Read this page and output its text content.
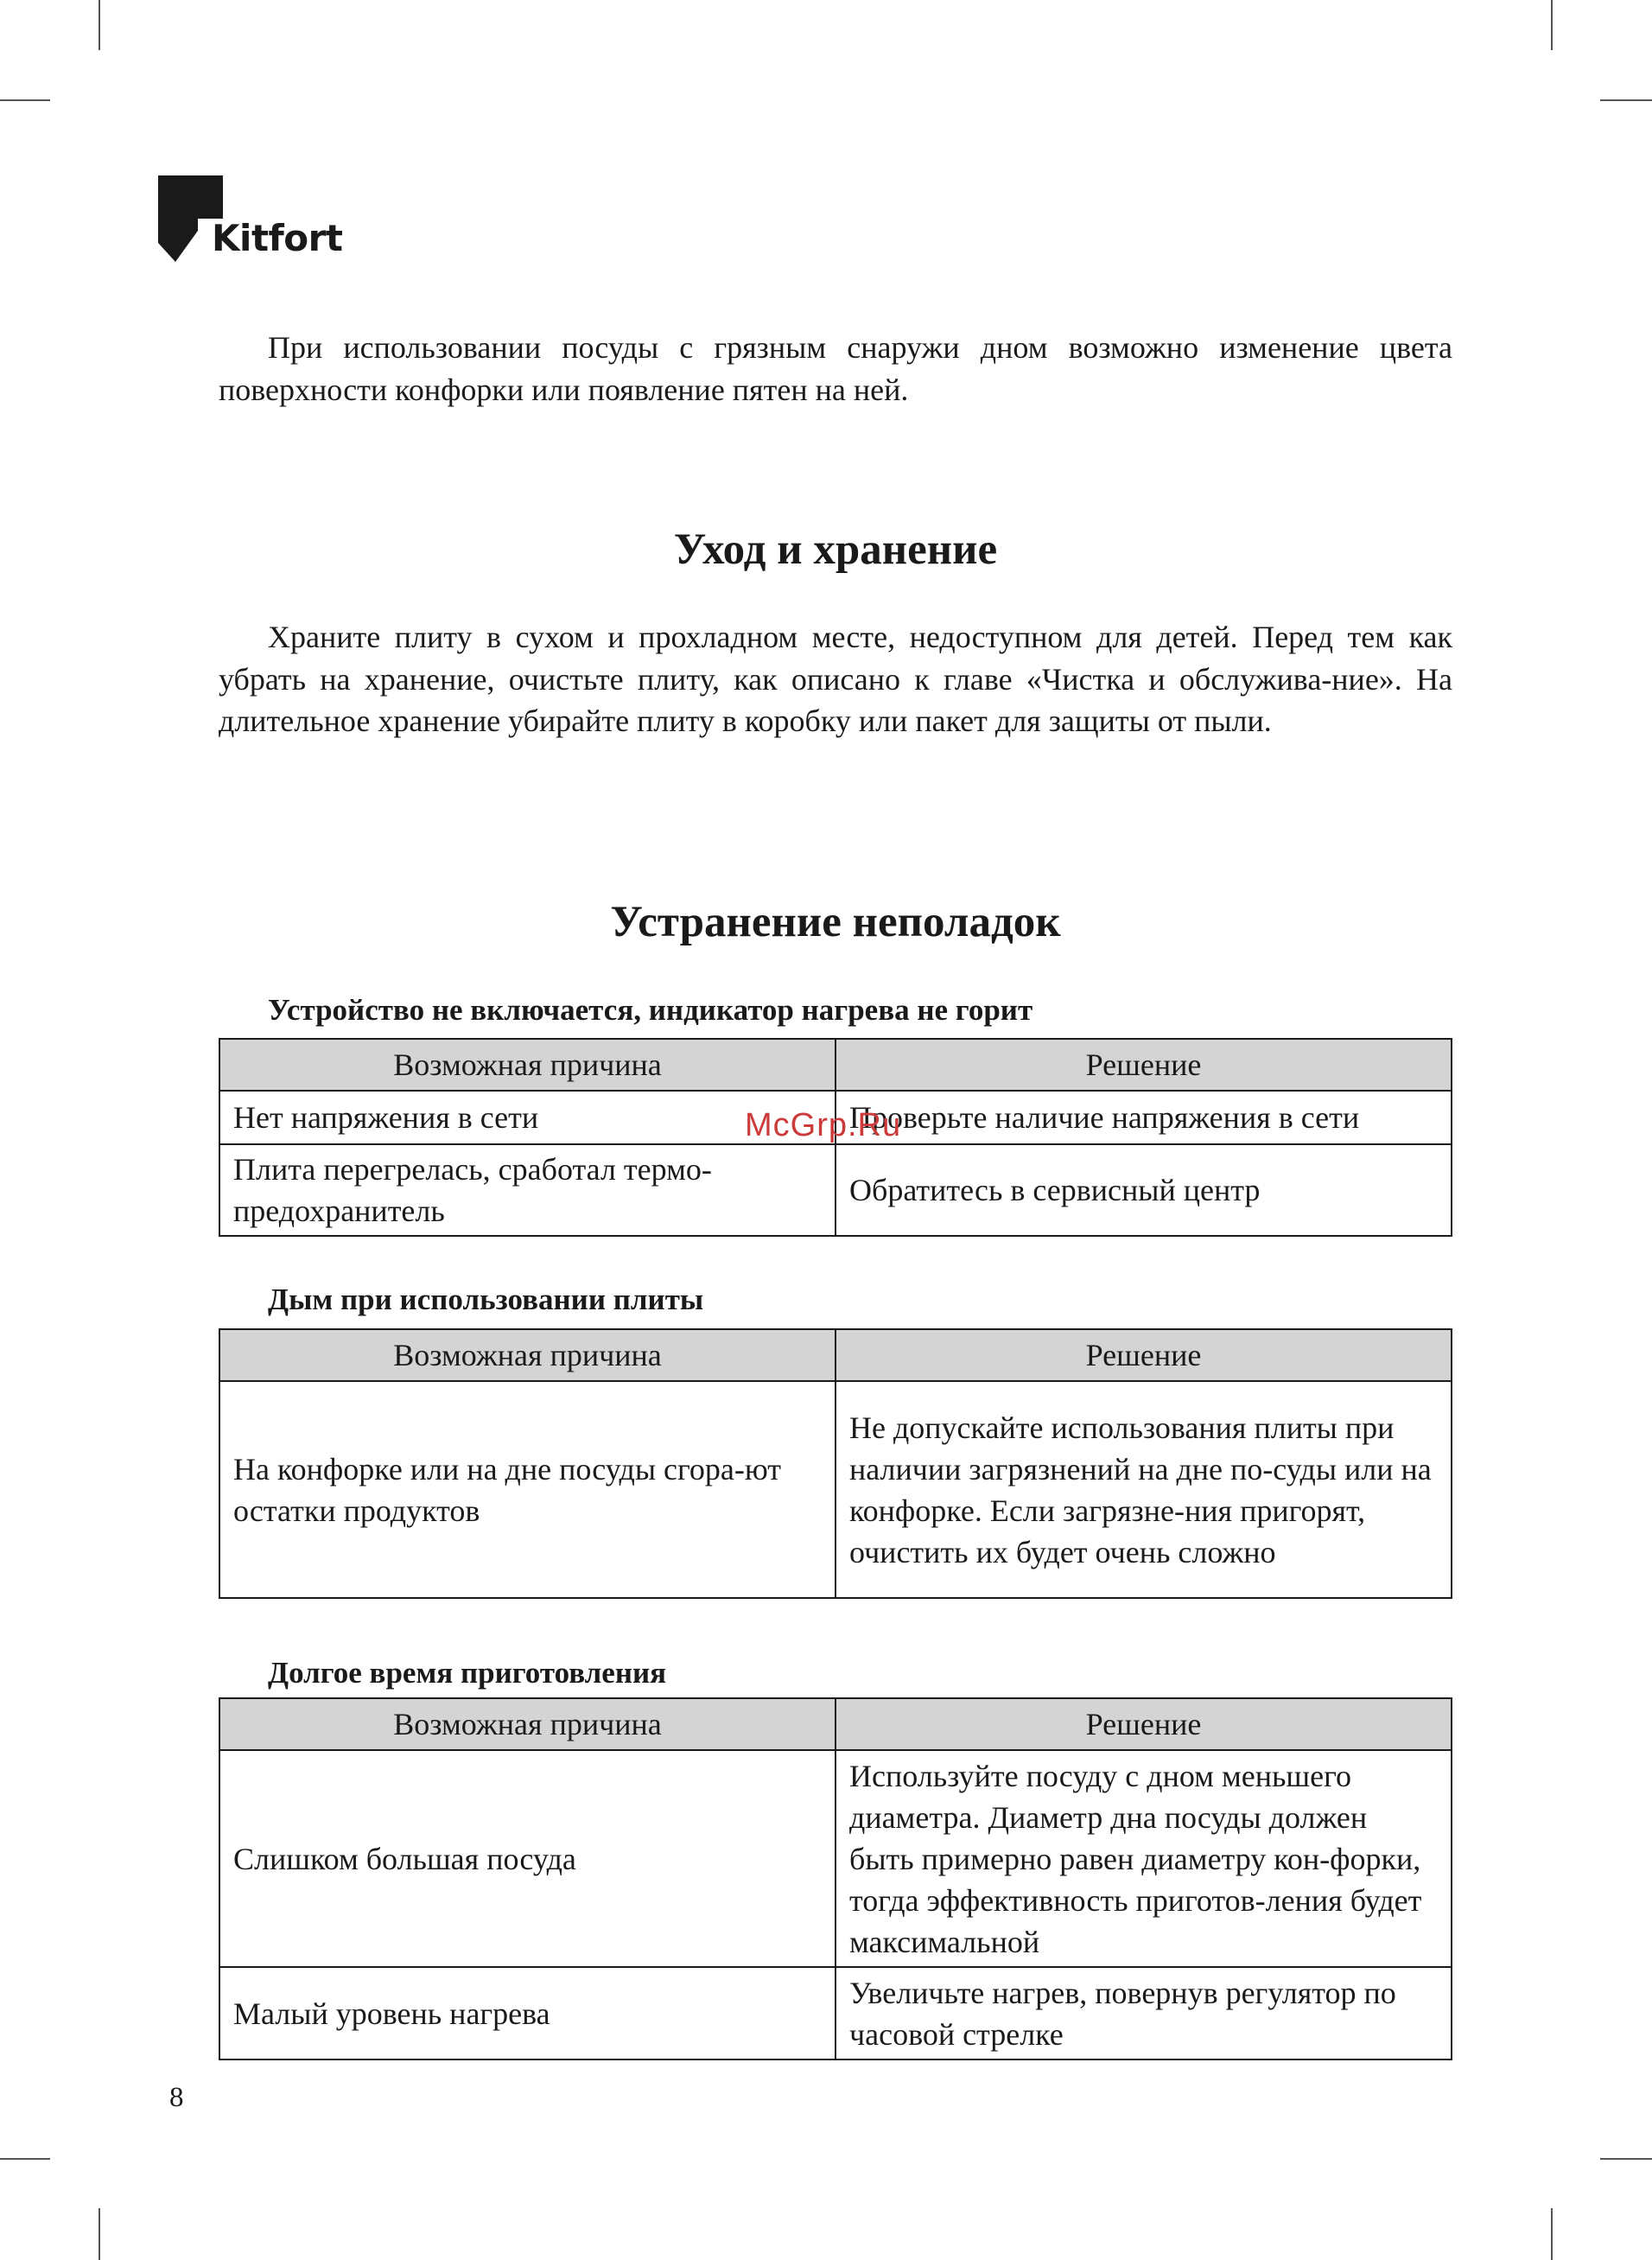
Kitfort

При использовании посуды с грязным снаружи дном возможно изменение цвета поверхности конфорки или появление пятен на ней.

Уход и хранение

Храните плиту в сухом и прохладном месте, недоступном для детей. Перед тем как убрать на хранение, очистьте плиту, как описано к главе «Чистка и обслужива-ние». На длительное хранение убирайте плиту в коробку или пакет для защиты от пыли.

Устранение неполадок
Устройство не включается, индикатор нагрева не горит
Возможная причина	Решение
Нет напряжения в сети	Проверьте наличие напряжения в сети
Плита перегрелась, сработал термо-предохранитель	Обратитесь в сервисный центр
Дым при использовании плиты
Возможная причина	Решение
На конфорке или на дне посуды сгора-ют остатки продуктов	Не допускайте использования плиты при наличии загрязнений на дне по-суды или на конфорке. Если загрязне-ния пригорят, очистить их будет очень сложно
Долгое время приготовления
Возможная причина	Решение
Слишком большая посуда	Используйте посуду с дном меньшего диаметра. Диаметр дна посуды должен быть примерно равен диаметру кон-форки, тогда эффективность приготов-ления будет максимальной
Малый уровень нагрева	Увеличьте нагрев, повернув регулятор по часовой стрелке
McGrp.Ru
8
